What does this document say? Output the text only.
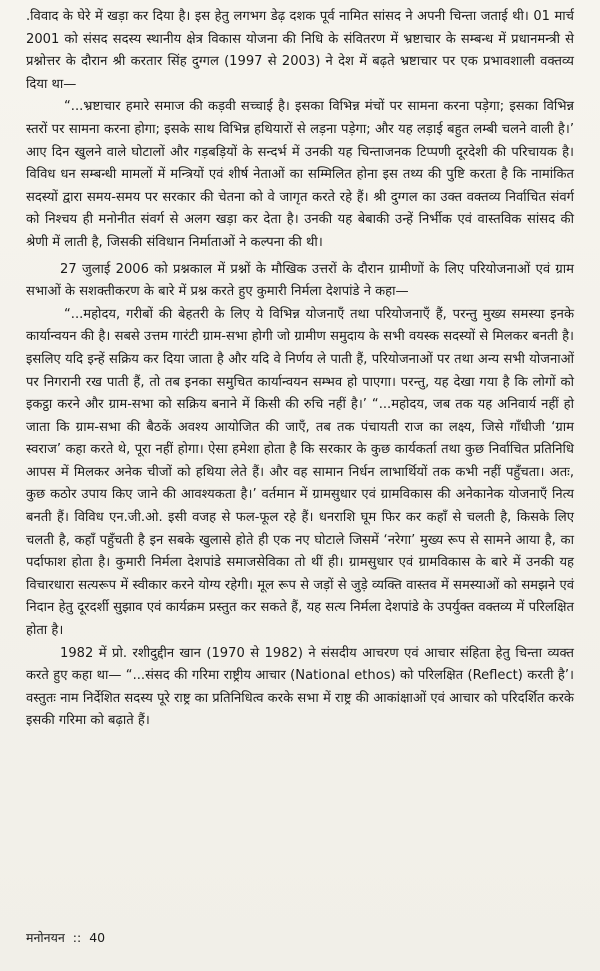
.विवाद के घेरे में खड़ा कर दिया है। इस हेतु लगभग डेढ़ दशक पूर्व नामित सांसद ने अपनी चिन्ता जताई थी। 01 मार्च 2001 को संसद सदस्य स्थानीय क्षेत्र विकास योजना की निधि के संवितरण में भ्रष्टाचार के सम्बन्ध में प्रधानमन्त्री से प्रश्नोत्तर के दौरान श्री करतार सिंह दुग्गल (1997 से 2003) ने देश में बढ़ते भ्रष्टाचार पर एक प्रभावशाली वक्तव्य दिया था—

“...भ्रष्टाचार हमारे समाज की कड़वी सच्चाई है। इसका विभिन्न मंचों पर सामना करना पड़ेगा; इसका विभिन्न स्तरों पर सामना करना होगा; इसके साथ विभिन्न हथियारों से लड़ना पड़ेगा; और यह लड़ाई बहुत लम्बी चलने वाली है।’ आए दिन खुलने वाले घोटालों और गड़बड़ियों के सन्दर्भ में उनकी यह चिन्ताजनक टिप्पणी दूरदेशी की परिचायक है। विविध धन सम्बन्धी मामलों में मन्त्रियों एवं शीर्ष नेताओं का सम्मिलित होना इस तथ्य की पुष्टि करता है कि नामांकित सदस्यों द्वारा समय-समय पर सरकार की चेतना को वे जागृत करते रहे हैं। श्री दुग्गल का उक्त वक्तव्य निर्वाचित संवर्ग को निश्चय ही मनोनीत संवर्ग से अलग खड़ा कर देता है। उनकी यह बेबाकी उन्हें निर्भीक एवं वास्तविक सांसद की श्रेणी में लाती है, जिसकी संविधान निर्माताओं ने कल्पना की थी।

27 जुलाई 2006 को प्रश्नकाल में प्रश्नों के मौखिक उत्तरों के दौरान ग्रामीणों के लिए परियोजनाओं एवं ग्राम सभाओं के सशक्तीकरण के बारे में प्रश्न करते हुए कुमारी निर्मला देशपांडे ने कहा—

“...महोदय, गरीबों की बेहतरी के लिए ये विभिन्न योजनाएँ तथा परियोजनाएँ हैं, परन्तु मुख्य समस्या इनके कार्यान्वयन की है। सबसे उत्तम गारंटी ग्राम-सभा होगी जो ग्रामीण समुदाय के सभी वयस्क सदस्यों से मिलकर बनती है। इसलिए यदि इन्हें सक्रिय कर दिया जाता है और यदि वे निर्णय ले पाती हैं, परियोजनाओं पर तथा अन्य सभी योजनाओं पर निगरानी रख पाती हैं, तो तब इनका समुचित कार्यान्वयन सम्भव हो पाएगा। परन्तु, यह देखा गया है कि लोगों को इकट्ठा करने और ग्राम-सभा को सक्रिय बनाने में किसी की रुचि नहीं है।’ “...महोदय, जब तक यह अनिवार्य नहीं हो जाता कि ग्राम-सभा की बैठकें अवश्य आयोजित की जाएँ, तब तक पंचायती राज का लक्ष्य, जिसे गाँधीजी ‘ग्राम स्वराज’ कहा करते थे, पूरा नहीं होगा। ऐसा हमेशा होता है कि सरकार के कुछ कार्यकर्ता तथा कुछ निर्वाचित प्रतिनिधि आपस में मिलकर अनेक चीजों को हथिया लेते हैं। और वह सामान निर्धन लाभार्थियों तक कभी नहीं पहुँचता। अतः, कुछ कठोर उपाय किए जाने की आवश्यकता है।’ वर्तमान में ग्रामसुधार एवं ग्रामविकास की अनेकानेक योजनाएँ नित्य बनती हैं। विविध एन.जी.ओ. इसी वजह से फल-फूल रहे हैं। धनराशि घूम फिर कर कहाँ से चलती है, किसके लिए चलती है, कहाँ पहुँचती है इन सबके खुलासे होते ही एक नए घोटाले जिसमें ‘नरेगा’ मुख्य रूप से सामने आया है, का पर्दाफाश होता है। कुमारी निर्मला देशपांडे समाजसेविका तो थीं ही। ग्रामसुधार एवं ग्रामविकास के बारे में उनकी यह विचारधारा सत्यरूप में स्वीकार करने योग्य रहेगी। मूल रूप से जड़ों से जुड़े व्यक्ति वास्तव में समस्याओं को समझने एवं निदान हेतु दूरदर्शी सुझाव एवं कार्यक्रम प्रस्तुत कर सकते हैं, यह सत्य निर्मला देशपांडे के उपर्युक्त वक्तव्य में परिलक्षित होता है।

1982 में प्रो. रशीदुद्दीन खान (1970 से 1982) ने संसदीय आचरण एवं आचार संहिता हेतु चिन्ता व्यक्त करते हुए कहा था— “...संसद की गरिमा राष्ट्रीय आचार (National ethos) को परिलक्षित (Reflect) करती है’। वस्तुतः नाम निर्देशित सदस्य पूरे राष्ट्र का प्रतिनिधित्व करके सभा में राष्ट्र की आकांक्षाओं एवं आचार को परिदर्शित करके इसकी गरिमा को बढ़ाते हैं।

मनोनयन :: 40
